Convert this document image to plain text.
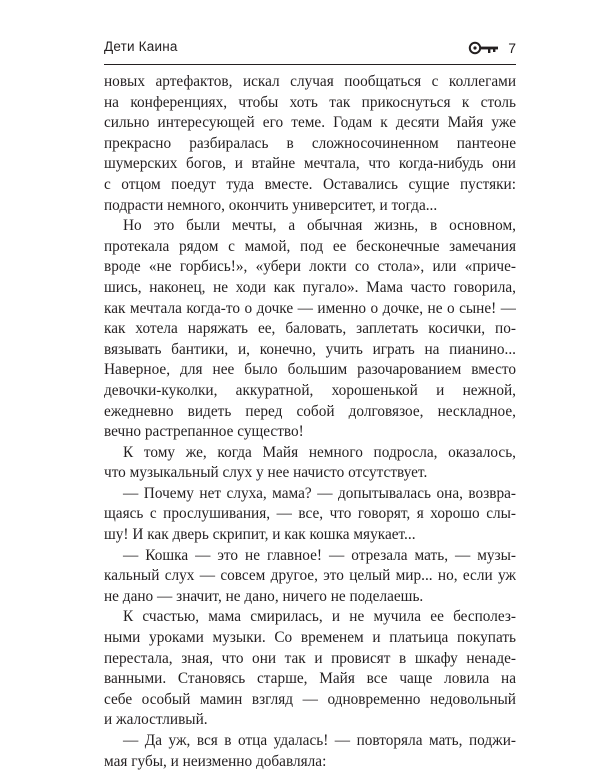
Дети Каина	7
новых артефактов, искал случая пообщаться с коллегами
на конференциях, чтобы хоть так прикоснуться к столь
сильно интересующей его теме. Годам к десяти Майя уже
прекрасно разбиралась в сложносочиненном пантеоне
шумерских богов, и втайне мечтала, что когда-нибудь они
с отцом поедут туда вместе. Оставались сущие пустяки:
подрасти немного, окончить университет, и тогда...
Но это были мечты, а обычная жизнь, в основном,
протекала рядом с мамой, под ее бесконечные замечания
вроде «не горбись!», «убери локти со стола», или «приче-
шись, наконец, не ходи как пугало». Мама часто говорила,
как мечтала когда-то о дочке — именно о дочке, не о сыне! —
как хотела наряжать ее, баловать, заплетать косички, по-
вязывать бантики, и, конечно, учить играть на пианино...
Наверное, для нее было большим разочарованием вместо
девочки-куколки, аккуратной, хорошенькой и нежной,
ежедневно видеть перед собой долговязое, нескладное,
вечно растрепанное существо!
К тому же, когда Майя немного подросла, оказалось,
что музыкальный слух у нее начисто отсутствует.
— Почему нет слуха, мама? — допытывалась она, возвра-
щаясь с прослушивания, — все, что говорят, я хорошо слы-
шу! И как дверь скрипит, и как кошка мяукает...
— Кошка — это не главное! — отрезала мать, — музы-
кальный слух — совсем другое, это целый мир... но, если уж
не дано — значит, не дано, ничего не поделаешь.
К счастью, мама смирилась, и не мучила ее бесполез-
ными уроками музыки. Со временем и платьица покупать
перестала, зная, что они так и провисят в шкафу ненаде-
ванными. Становясь старше, Майя все чаще ловила на
себе особый мамин взгляд — одновременно недовольный
и жалостливый.
— Да уж, вся в отца удалась! — повторяла мать, поджи-
мая губы, и неизменно добавляла:
